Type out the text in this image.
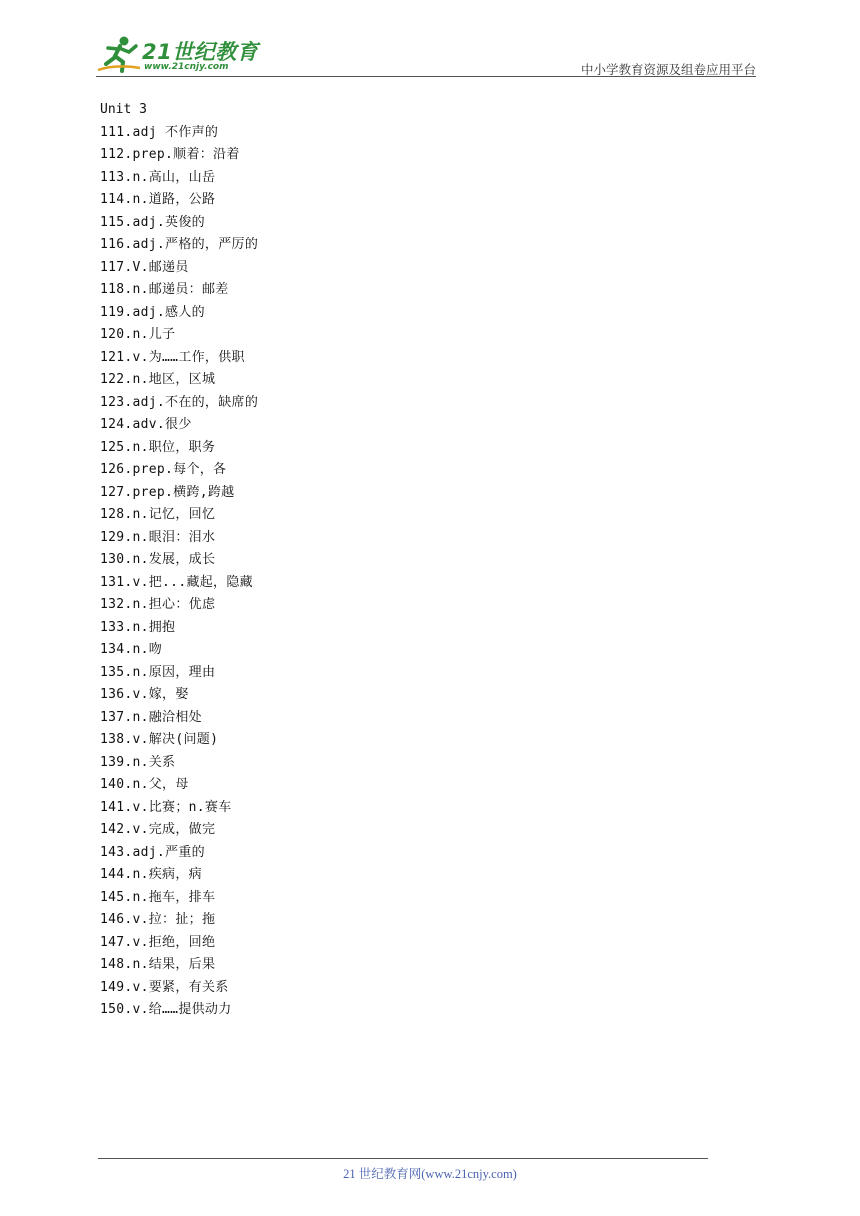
21世纪教育
www.21cnjy.com	中小学教育资源及组卷应用平台
Unit 3
111.adj 不作声的
112.prep.顺着：沿着
113.n.高山，山岳
114.n.道路，公路
115.adj.英俊的
116.adj.严格的，严厉的
117.V.邮递员
118.n.邮递员：邮差
119.adj.感人的
120.n.儿子
121.v.为……工作，供职
122.n.地区，区城
123.adj.不在的，缺席的
124.adv.很少
125.n.职位，职务
126.prep.每个，各
127.prep.横跨,跨越
128.n.记忆，回忆
129.n.眼泪：泪水
130.n.发展，成长
131.v.把...藏起，隐藏
132.n.担心：优虑
133.n.拥抱
134.n.吻
135.n.原因，理由
136.v.嫁，娶
137.n.融洽相处
138.v.解决(问题)
139.n.关系
140.n.父，母
141.v.比赛；n.赛车
142.v.完成，做完
143.adj.严重的
144.n.疾病，病
145.n.拖车，排车
146.v.拉：扯；拖
147.v.拒绝，回绝
148.n.结果，后果
149.v.要紧，有关系
150.v.给……提供动力
21 世纪教育网(www.21cnjy.com)
